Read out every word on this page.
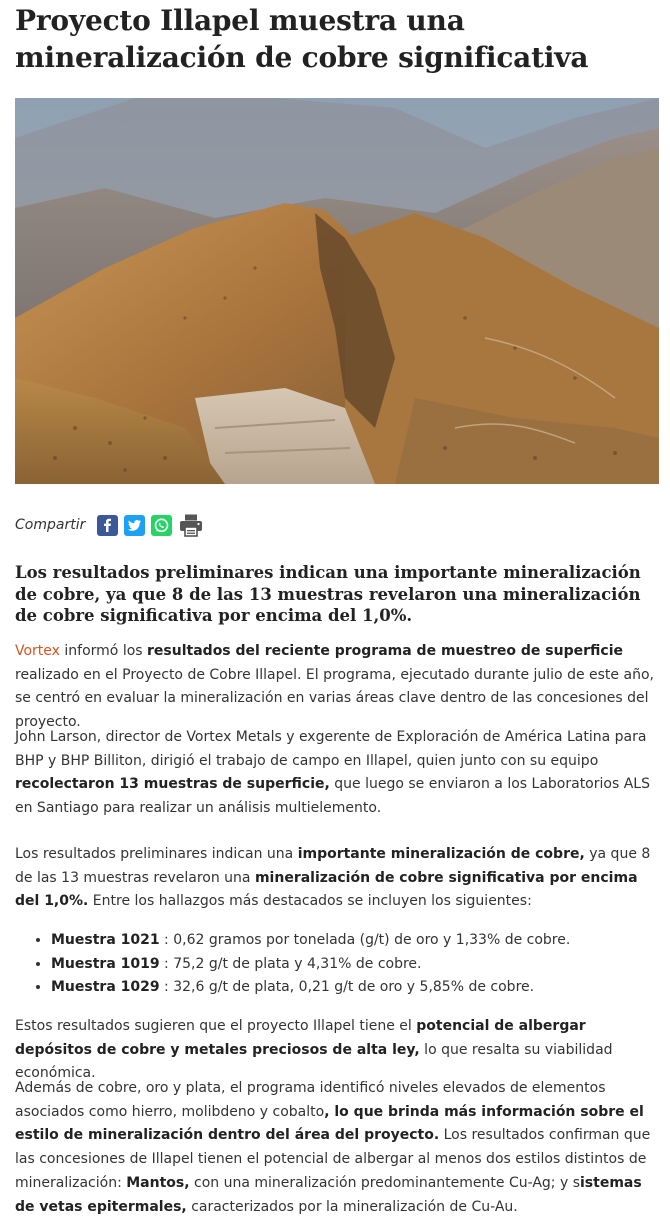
Proyecto Illapel muestra una mineralización de cobre significativa
Compartir

Los resultados preliminares indican una importante mineralización de cobre, ya que 8 de las 13 muestras revelaron una mineralización de cobre significativa por encima del 1,0%.

Vortex informó los resultados del reciente programa de muestreo de superficie realizado en el Proyecto de Cobre Illapel. El programa, ejecutado durante julio de este año, se centró en evaluar la mineralización en varias áreas clave dentro de las concesiones del proyecto.

John Larson, director de Vortex Metals y exgerente de Exploración de América Latina para BHP y BHP Billiton, dirigió el trabajo de campo en Illapel, quien junto con su equipo recolectaron 13 muestras de superficie, que luego se enviaron a los Laboratorios ALS en Santiago para realizar un análisis multielemento.

Los resultados preliminares indican una importante mineralización de cobre, ya que 8 de las 13 muestras revelaron una mineralización de cobre significativa por encima del 1,0%. Entre los hallazgos más destacados se incluyen los siguientes:

• Muestra 1021 : 0,62 gramos por tonelada (g/t) de oro y 1,33% de cobre.
• Muestra 1019 : 75,2 g/t de plata y 4,31% de cobre.
• Muestra 1029 : 32,6 g/t de plata, 0,21 g/t de oro y 5,85% de cobre.

Estos resultados sugieren que el proyecto Illapel tiene el potencial de albergar depósitos de cobre y metales preciosos de alta ley, lo que resalta su viabilidad económica.

Además de cobre, oro y plata, el programa identificó niveles elevados de elementos asociados como hierro, molibdeno y cobalto, lo que brinda más información sobre el estilo de mineralización dentro del área del proyecto. Los resultados confirman que las concesiones de Illapel tienen el potencial de albergar al menos dos estilos distintos de mineralización: Mantos, con una mineralización predominantemente Cu-Ag; y sistemas de vetas epitermales, caracterizados por la mineralización de Cu-Au.
